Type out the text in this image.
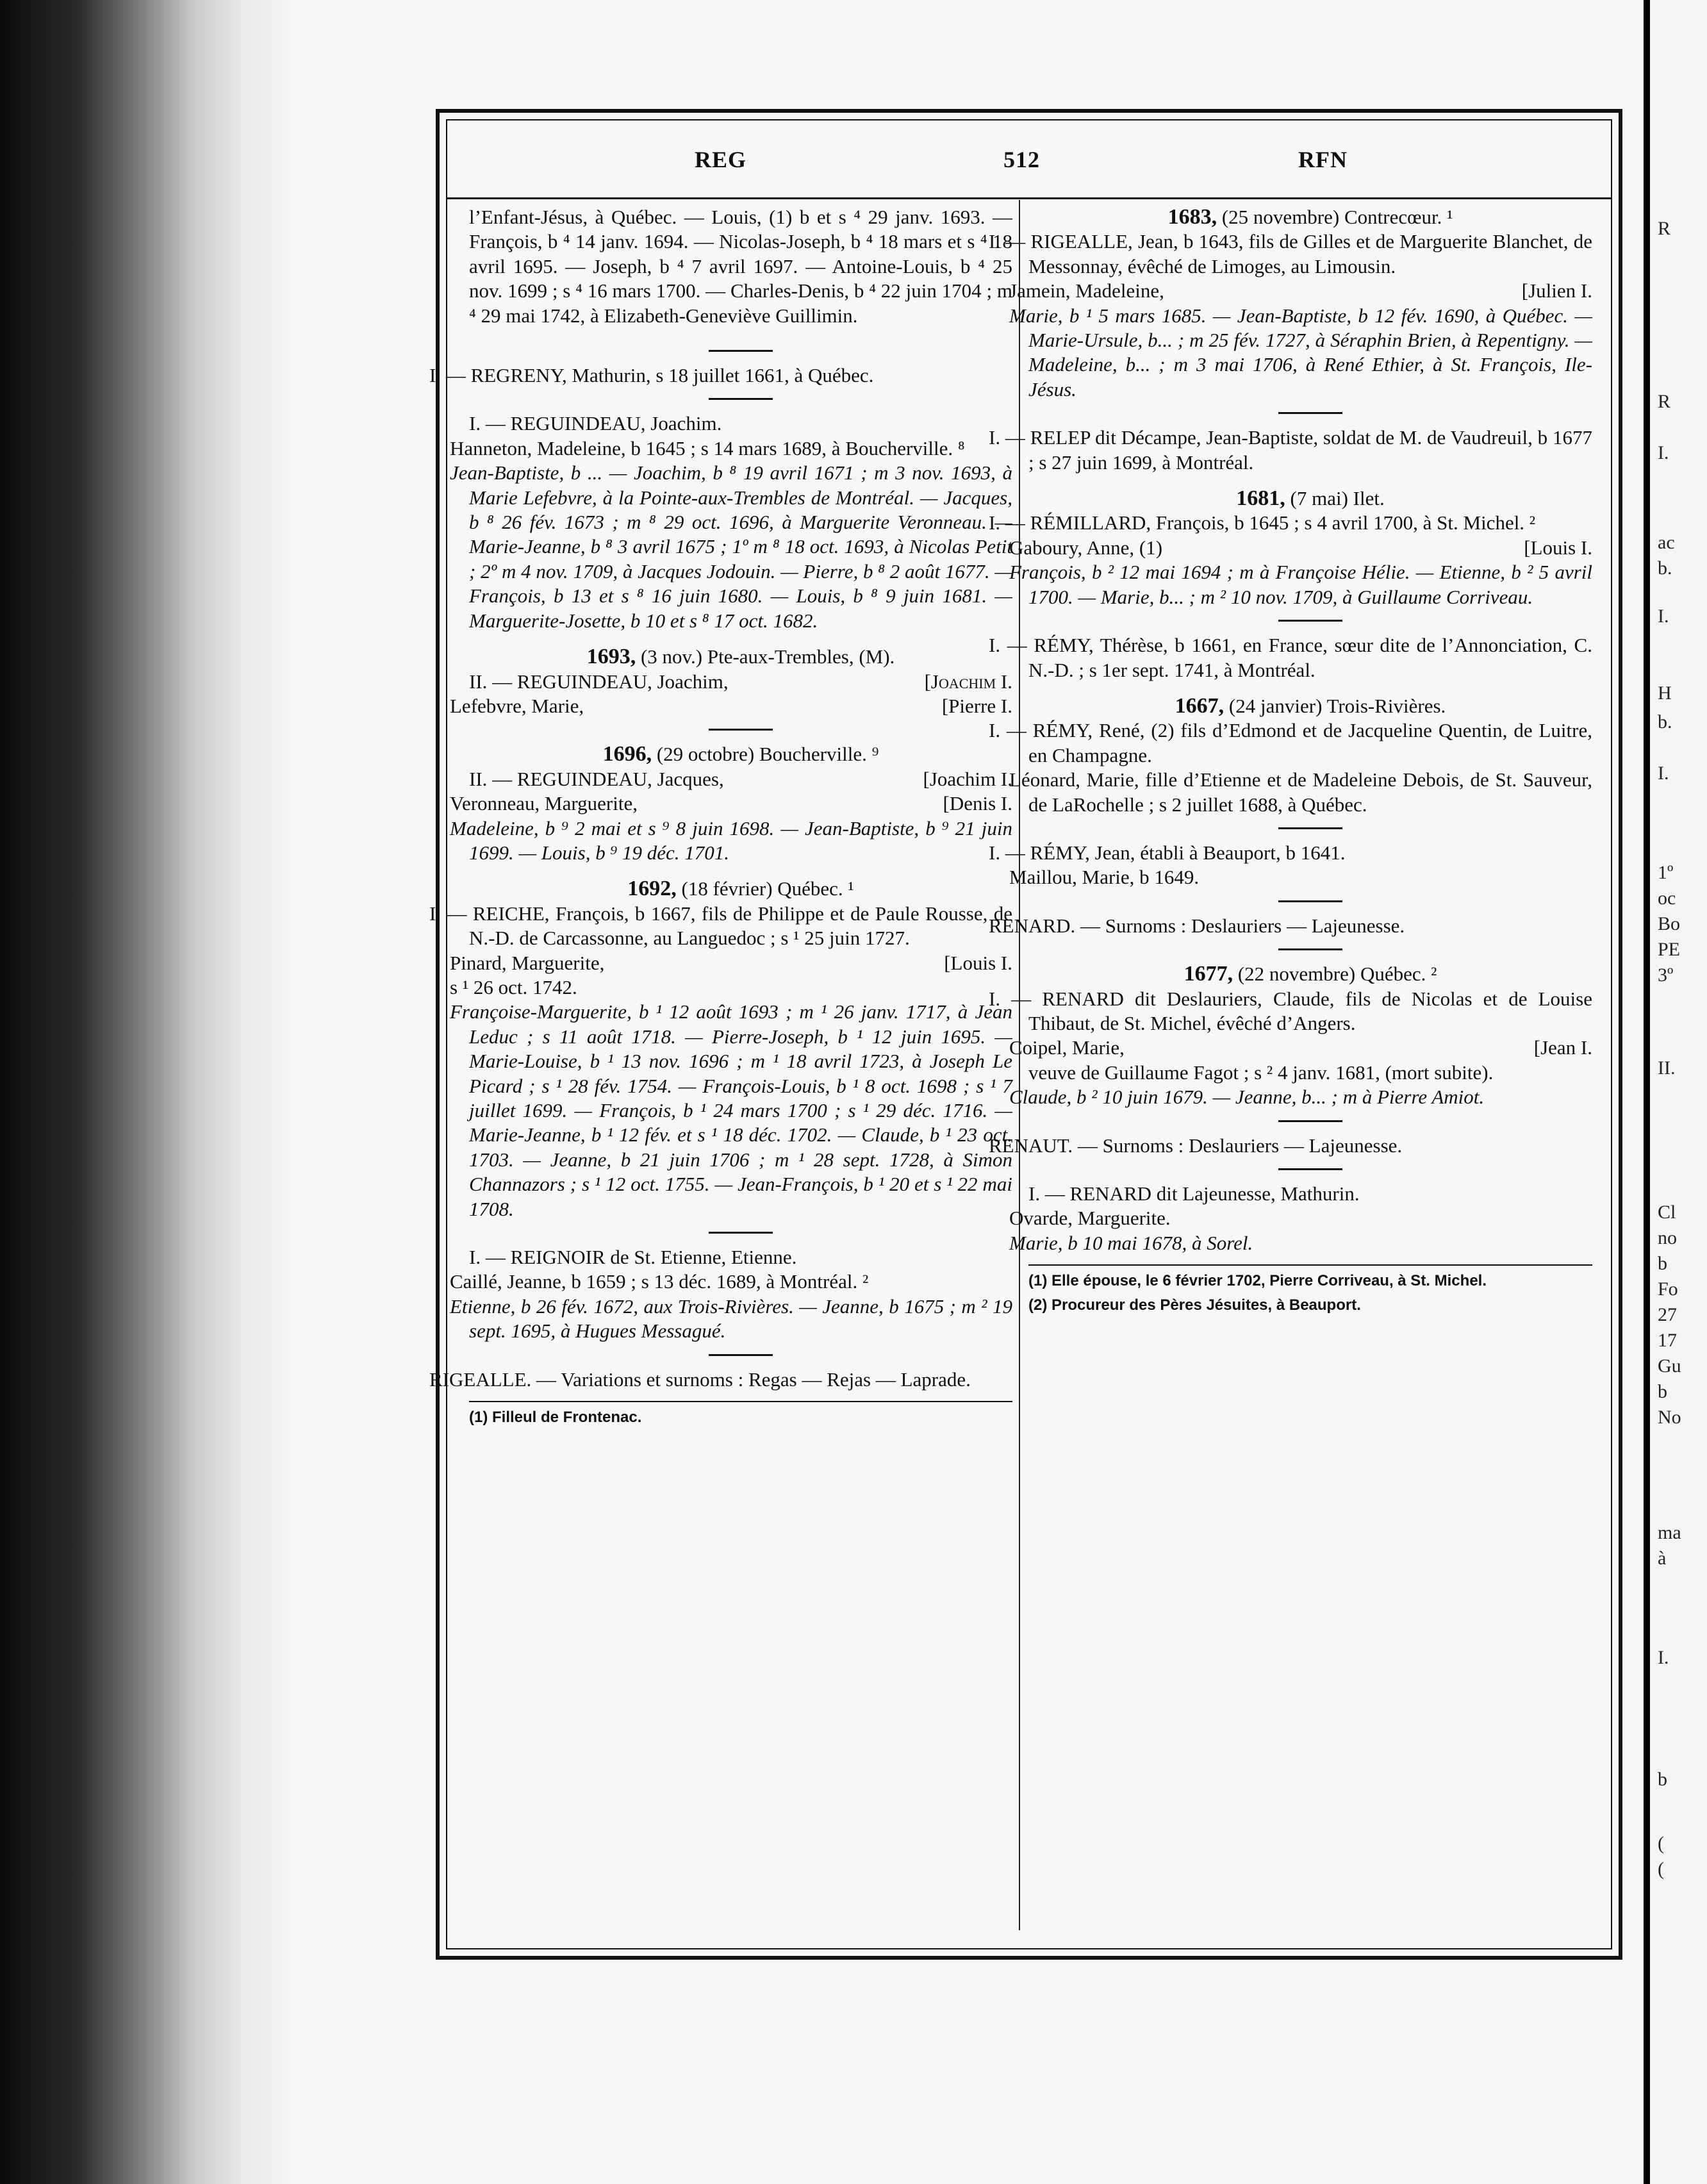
R
R
I.
ac
b.
I.
H
b.
I.
1º
oc
Bo
PE
3º
II.
Cl
no
b
Fo
27
17
Gu
b
No
ma
à
I.
b
(
(
REG	512	RFN

l’Enfant-Jésus, à Québec. — Louis, (1) b et s ⁴ 29 janv. 1693. — François, b ⁴ 14 janv. 1694. — Nicolas-Joseph, b ⁴ 18 mars et s ⁴ 18 avril 1695. — Joseph, b ⁴ 7 avril 1697. — Antoine-Louis, b ⁴ 25 nov. 1699 ; s ⁴ 16 mars 1700. — Charles-Denis, b ⁴ 22 juin 1704 ; m ⁴ 29 mai 1742, à Elizabeth-Geneviève Guillimin.

I. — REGRENY, Mathurin, s 18 juillet 1661, à Québec.

I. — REGUINDEAU, Joachim.

Hanneton, Madeleine, b 1645 ; s 14 mars 1689, à Boucherville. ⁸

Jean-Baptiste, b ... — Joachim, b ⁸ 19 avril 1671 ; m 3 nov. 1693, à Marie Lefebvre, à la Pointe-aux-Trembles de Montréal. — Jacques, b ⁸ 26 fév. 1673 ; m ⁸ 29 oct. 1696, à Marguerite Veronneau. — Marie-Jeanne, b ⁸ 3 avril 1675 ; 1º m ⁸ 18 oct. 1693, à Nicolas Petit ; 2º m 4 nov. 1709, à Jacques Jodouin. — Pierre, b ⁸ 2 août 1677. — François, b 13 et s ⁸ 16 juin 1680. — Louis, b ⁸ 9 juin 1681. — Marguerite-Josette, b 10 et s ⁸ 17 oct. 1682.

1693, (3 nov.) Pte-aux-Trembles, (M).

II. — REGUINDEAU, Joachim,	[Joachim I.

Lefebvre, Marie,	[Pierre I.

1696, (29 octobre) Boucherville. ⁹

II. — REGUINDEAU, Jacques,	[Joachim I.

Veronneau, Marguerite,	[Denis I.

Madeleine, b ⁹ 2 mai et s ⁹ 8 juin 1698. — Jean-Baptiste, b ⁹ 21 juin 1699. — Louis, b ⁹ 19 déc. 1701.

1692, (18 février) Québec. ¹

I. — REICHE, François, b 1667, fils de Philippe et de Paule Rousse, de N.-D. de Carcassonne, au Languedoc ; s ¹ 25 juin 1727.

Pinard, Marguerite,	[Louis I.

s ¹ 26 oct. 1742.

Françoise-Marguerite, b ¹ 12 août 1693 ; m ¹ 26 janv. 1717, à Jean Leduc ; s 11 août 1718. — Pierre-Joseph, b ¹ 12 juin 1695. — Marie-Louise, b ¹ 13 nov. 1696 ; m ¹ 18 avril 1723, à Joseph Le Picard ; s ¹ 28 fév. 1754. — François-Louis, b ¹ 8 oct. 1698 ; s ¹ 7 juillet 1699. — François, b ¹ 24 mars 1700 ; s ¹ 29 déc. 1716. — Marie-Jeanne, b ¹ 12 fév. et s ¹ 18 déc. 1702. — Claude, b ¹ 23 oct. 1703. — Jeanne, b 21 juin 1706 ; m ¹ 28 sept. 1728, à Simon Channazors ; s ¹ 12 oct. 1755. — Jean-François, b ¹ 20 et s ¹ 22 mai 1708.

I. — REIGNOIR de St. Etienne, Etienne.

Caillé, Jeanne, b 1659 ; s 13 déc. 1689, à Montréal. ²

Etienne, b 26 fév. 1672, aux Trois-Rivières. — Jeanne, b 1675 ; m ² 19 sept. 1695, à Hugues Messagué.

RIGEALLE. — Variations et surnoms : Regas — Rejas — Laprade.

(1) Filleul de Frontenac.

1683, (25 novembre) Contrecœur. ¹

I. — RIGEALLE, Jean, b 1643, fils de Gilles et de Marguerite Blanchet, de Messonnay, évêché de Limoges, au Limousin.

Jamein, Madeleine,	[Julien I.

Marie, b ¹ 5 mars 1685. — Jean-Baptiste, b 12 fév. 1690, à Québec. — Marie-Ursule, b... ; m 25 fév. 1727, à Séraphin Brien, à Repentigny. — Madeleine, b... ; m 3 mai 1706, à René Ethier, à St. François, Ile-Jésus.

I. — RELEP dit Décampe, Jean-Baptiste, soldat de M. de Vaudreuil, b 1677 ; s 27 juin 1699, à Montréal.

1681, (7 mai) Ilet.

I. — RÉMILLARD, François, b 1645 ; s 4 avril 1700, à St. Michel. ²

Gaboury, Anne, (1)	[Louis I.

François, b ² 12 mai 1694 ; m à Françoise Hélie. — Etienne, b ² 5 avril 1700. — Marie, b... ; m ² 10 nov. 1709, à Guillaume Corriveau.

I. — RÉMY, Thérèse, b 1661, en France, sœur dite de l’Annonciation, C. N.-D. ; s 1er sept. 1741, à Montréal.

1667, (24 janvier) Trois-Rivières.

I. — RÉMY, René, (2) fils d’Edmond et de Jacqueline Quentin, de Luitre, en Champagne.

Léonard, Marie, fille d’Etienne et de Madeleine Debois, de St. Sauveur, de LaRochelle ; s 2 juillet 1688, à Québec.

I. — RÉMY, Jean, établi à Beauport, b 1641.

Maillou, Marie, b 1649.

RENARD. — Surnoms : Deslauriers — Lajeunesse.

1677, (22 novembre) Québec. ²

I. — RENARD dit Deslauriers, Claude, fils de Nicolas et de Louise Thibaut, de St. Michel, évêché d’Angers.

Coipel, Marie,	[Jean I.

veuve de Guillaume Fagot ; s ² 4 janv. 1681, (mort subite).

Claude, b ² 10 juin 1679. — Jeanne, b... ; m à Pierre Amiot.

RENAUT. — Surnoms : Deslauriers — Lajeunesse.

I. — RENARD dit Lajeunesse, Mathurin.

Ovarde, Marguerite.

Marie, b 10 mai 1678, à Sorel.

(1) Elle épouse, le 6 février 1702, Pierre Corriveau, à St. Michel.

(2) Procureur des Pères Jésuites, à Beauport.
